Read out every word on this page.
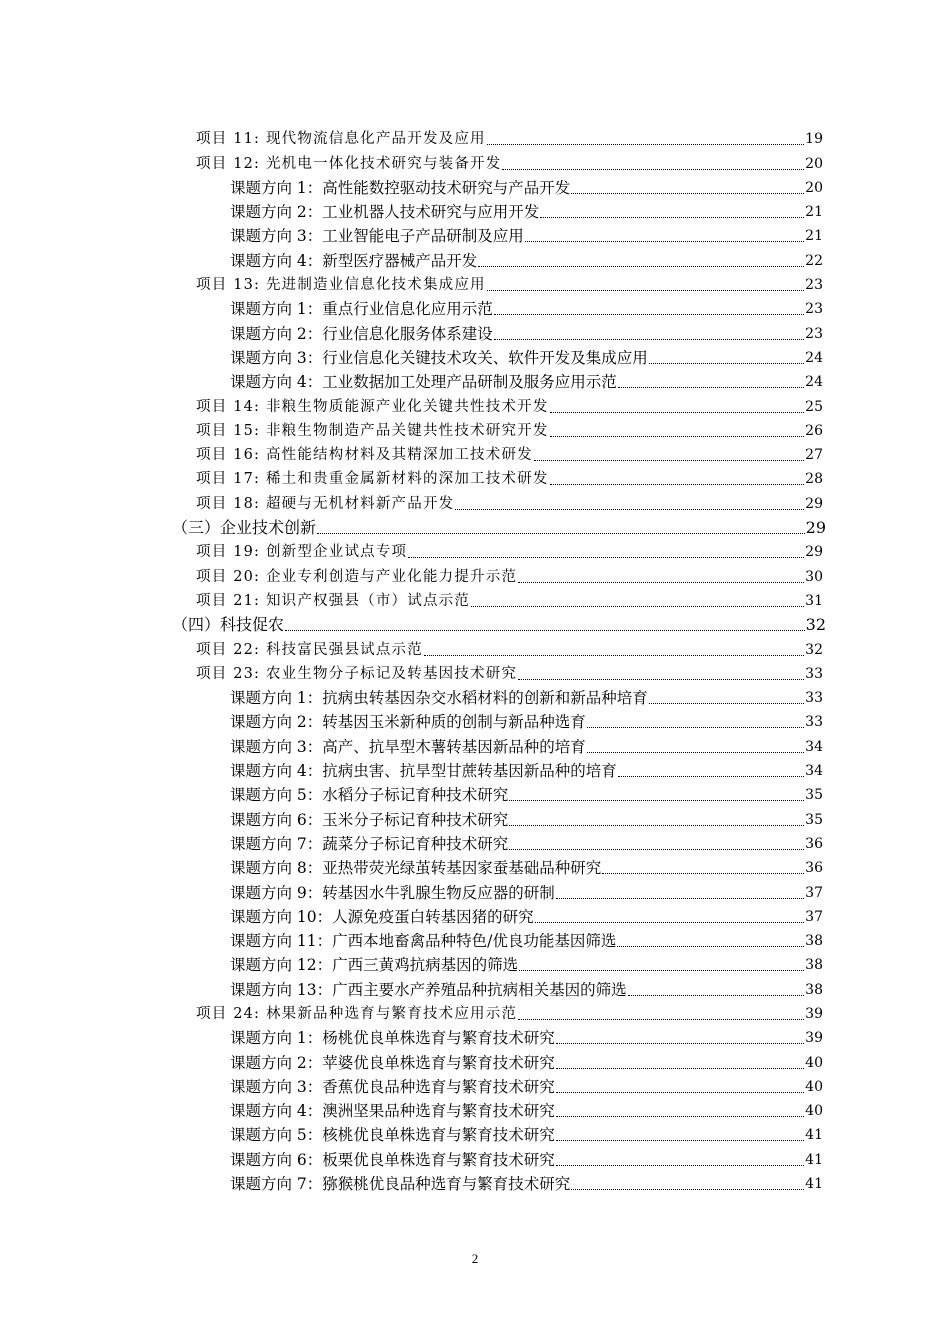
项目 11: 现代物流信息化产品开发及应用	19
项目 12: 光机电一体化技术研究与装备开发	20
课题方向 1：高性能数控驱动技术研究与产品开发	20
课题方向 2：工业机器人技术研究与应用开发	21
课题方向 3：工业智能电子产品研制及应用	21
课题方向 4：新型医疗器械产品开发	22
项目 13: 先进制造业信息化技术集成应用	23
课题方向 1：重点行业信息化应用示范	23
课题方向 2：行业信息化服务体系建设	23
课题方向 3：行业信息化关键技术攻关、软件开发及集成应用	24
课题方向 4：工业数据加工处理产品研制及服务应用示范	24
项目 14: 非粮生物质能源产业化关键共性技术开发	25
项目 15: 非粮生物制造产品关键共性技术研究开发	26
项目 16: 高性能结构材料及其精深加工技术研发	27
项目 17: 稀土和贵重金属新材料的深加工技术研发	28
项目 18: 超硬与无机材料新产品开发	29
（三）企业技术创新	29
项目 19: 创新型企业试点专项	29
项目 20: 企业专利创造与产业化能力提升示范	30
项目 21: 知识产权强县（市）试点示范	31
（四）科技促农	32
项目 22: 科技富民强县试点示范	32
项目 23: 农业生物分子标记及转基因技术研究	33
课题方向 1：抗病虫转基因杂交水稻材料的创新和新品种培育	33
课题方向 2：转基因玉米新种质的创制与新品种选育	33
课题方向 3：高产、抗旱型木薯转基因新品种的培育	34
课题方向 4：抗病虫害、抗旱型甘蔗转基因新品种的培育	34
课题方向 5：水稻分子标记育种技术研究	35
课题方向 6：玉米分子标记育种技术研究	35
课题方向 7：蔬菜分子标记育种技术研究	36
课题方向 8：亚热带荧光绿茧转基因家蚕基础品种研究	36
课题方向 9：转基因水牛乳腺生物反应器的研制	37
课题方向 10：人源免疫蛋白转基因猪的研究	37
课题方向 11：广西本地畜禽品种特色/优良功能基因筛选	38
课题方向 12：广西三黄鸡抗病基因的筛选	38
课题方向 13：广西主要水产养殖品种抗病相关基因的筛选	38
项目 24: 林果新品种选育与繁育技术应用示范	39
课题方向 1：杨桃优良单株选育与繁育技术研究	39
课题方向 2：苹婆优良单株选育与繁育技术研究	40
课题方向 3：香蕉优良品种选育与繁育技术研究	40
课题方向 4：澳洲坚果品种选育与繁育技术研究	40
课题方向 5：核桃优良单株选育与繁育技术研究	41
课题方向 6：板栗优良单株选育与繁育技术研究	41
课题方向 7：猕猴桃优良品种选育与繁育技术研究	41
2
